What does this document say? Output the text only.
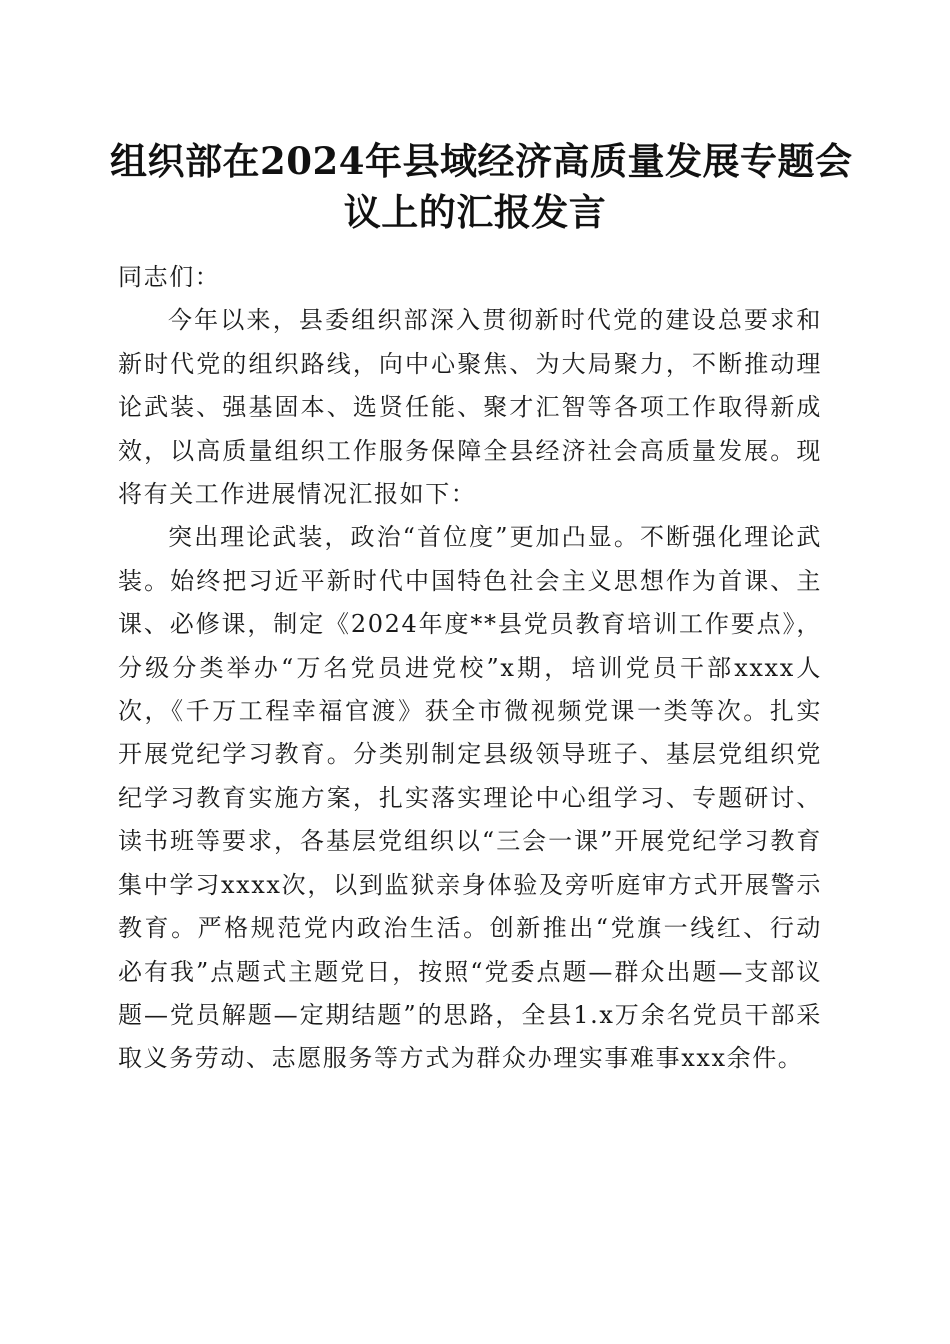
组织部在2024年县域经济高质量发展专题会
议上的汇报发言

同志们：

今年以来，县委组织部深入贯彻新时代党的建设总要求和新时代党的组织路线，向中心聚焦、为大局聚力，不断推动理论武装、强基固本、选贤任能、聚才汇智等各项工作取得新成效，以高质量组织工作服务保障全县经济社会高质量发展。现将有关工作进展情况汇报如下：

突出理论武装，政治“首位度”更加凸显。不断强化理论武装。始终把习近平新时代中国特色社会主义思想作为首课、主课、必修课，制定《2024年度**县党员教育培训工作要点》，分级分类举办“万名党员进党校”x期，培训党员干部xxxx人次，《千万工程幸福官渡》获全市微视频党课一类等次。扎实开展党纪学习教育。分类别制定县级领导班子、基层党组织党纪学习教育实施方案，扎实落实理论中心组学习、专题研讨、读书班等要求，各基层党组织以“三会一课”开展党纪学习教育集中学习xxxx次，以到监狱亲身体验及旁听庭审方式开展警示教育。严格规范党内政治生活。创新推出“党旗一线红、行动必有我”点题式主题党日，按照“党委点题—群众出题—支部议题—党员解题—定期结题”的思路，全县1.x万余名党员干部采取义务劳动、志愿服务等方式为群众办理实事难事xxx余件。
